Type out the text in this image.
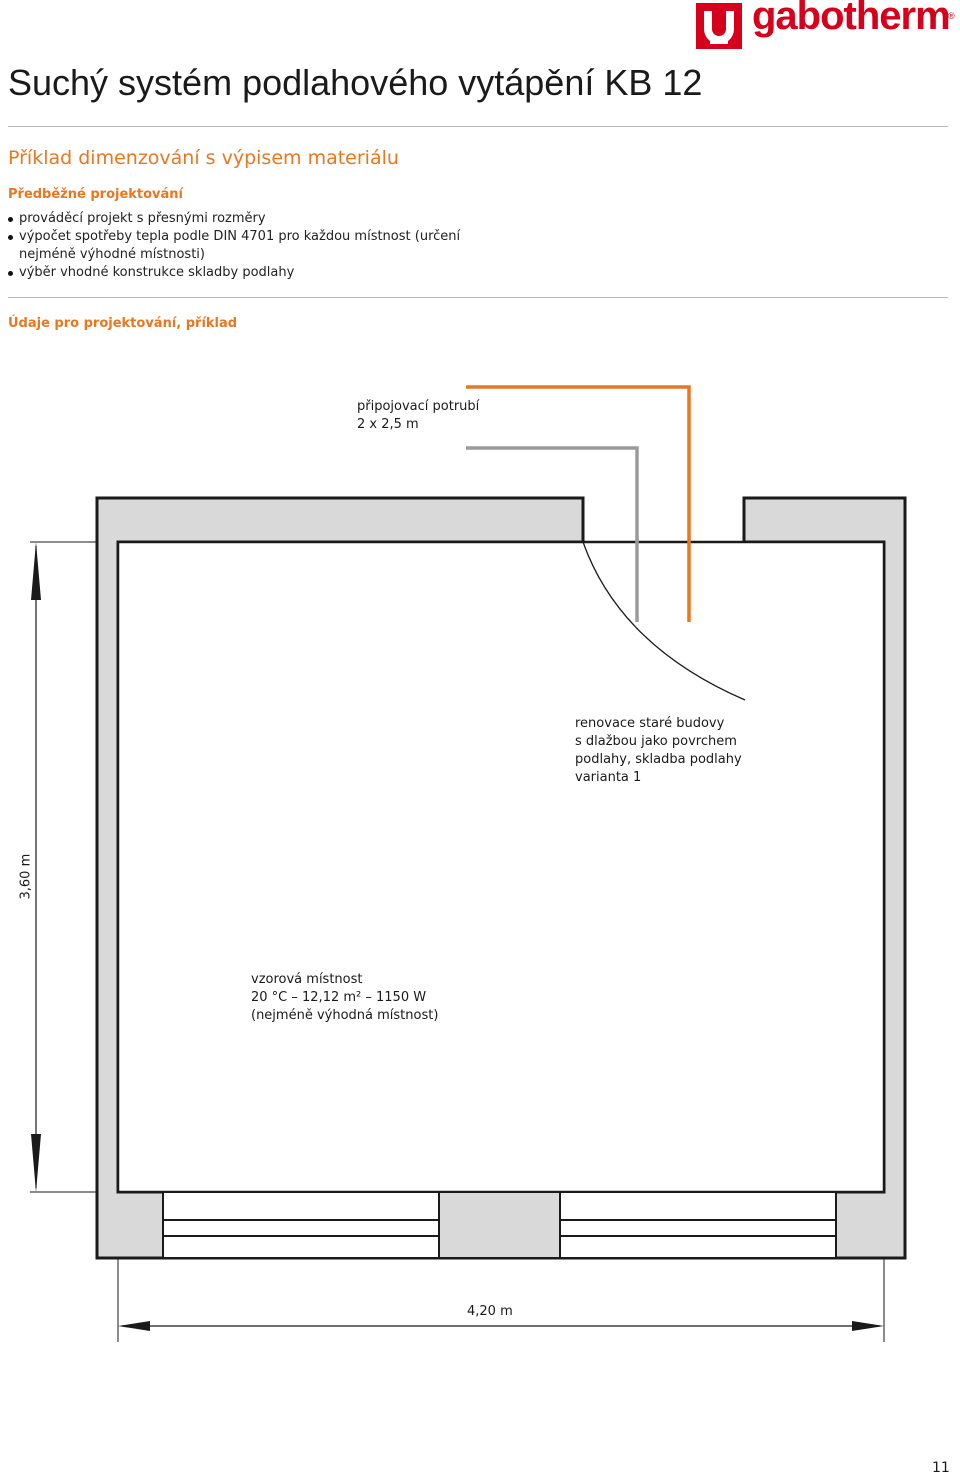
gabotherm
®
Suchý systém podlahového vytápění KB 12
Příklad dimenzování s výpisem materiálu
Předběžné projektování
prováděcí projekt s přesnými rozměry
výpočet spotřeby tepla podle DIN 4701 pro každou místnost (určení nejméně výhodné místnosti)
výběr vhodné konstrukce skladby podlahy
Údaje pro projektování, příklad
připojovací potrubí
2 x 2,5 m
renovace staré budovy
s dlažbou jako povrchem
podlahy, skladba podlahy
varianta 1
vzorová místnost
20 °C – 12,12 m² – 1150 W
(nejméně výhodná místnost)
3,60 m
4,20 m
11
